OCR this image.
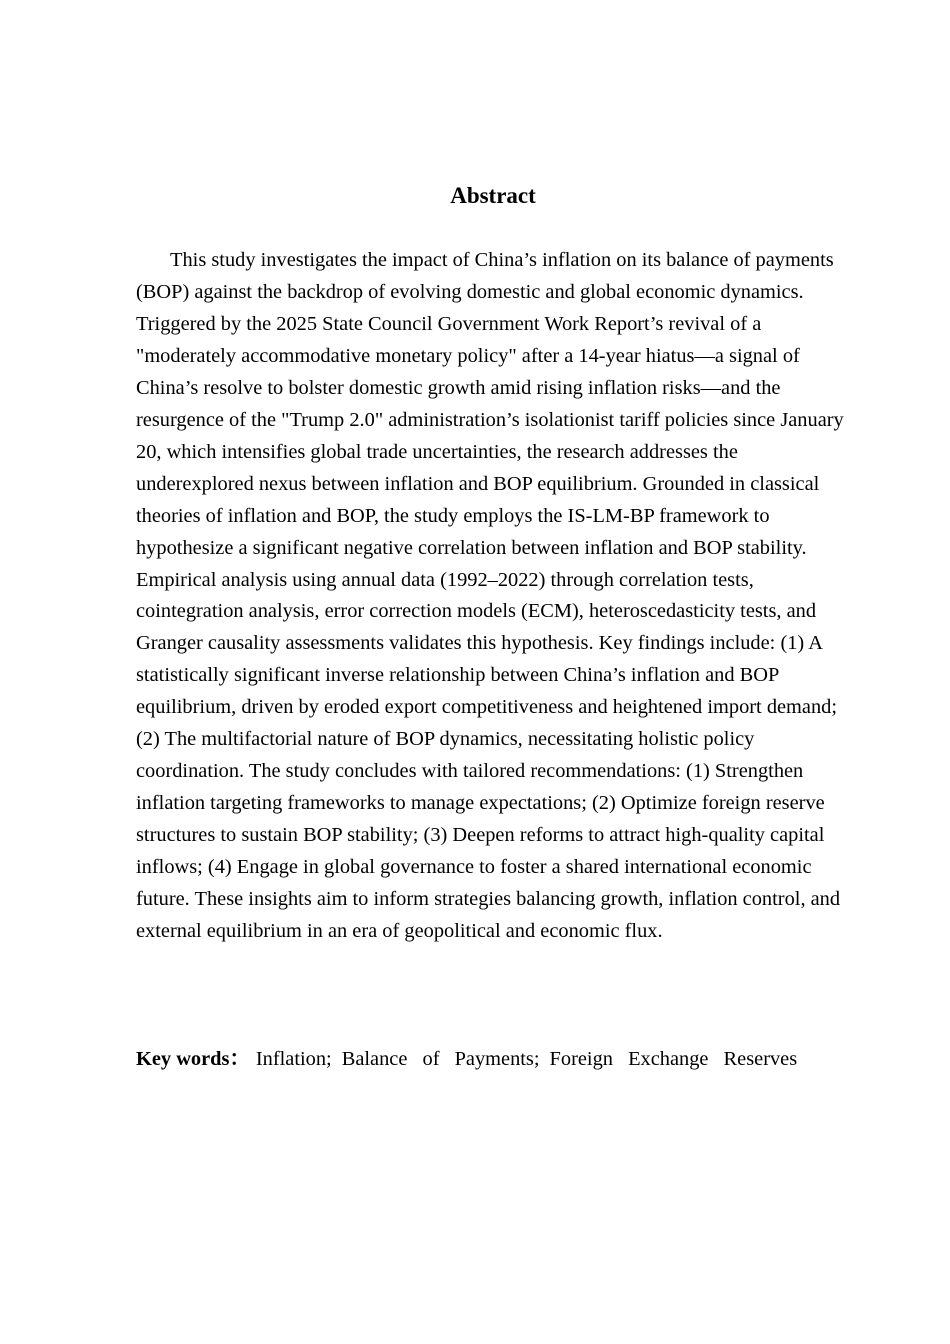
Abstract

This study investigates the impact of China’s inflation on its balance of payments (BOP) against the backdrop of evolving domestic and global economic dynamics. Triggered by the 2025 State Council Government Work Report’s revival of a "moderately accommodative monetary policy" after a 14-year hiatus—a signal of China’s resolve to bolster domestic growth amid rising inflation risks—and the resurgence of the "Trump 2.0" administration’s isolationist tariff policies since January 20, which intensifies global trade uncertainties, the research addresses the underexplored nexus between inflation and BOP equilibrium. Grounded in classical theories of inflation and BOP, the study employs the IS-LM-BP framework to hypothesize a significant negative correlation between inflation and BOP stability. Empirical analysis using annual data (1992–2022) through correlation tests, cointegration analysis, error correction models (ECM), heteroscedasticity tests, and Granger causality assessments validates this hypothesis. Key findings include: (1) A statistically significant inverse relationship between China’s inflation and BOP equilibrium, driven by eroded export competitiveness and heightened import demand; (2) The multifactorial nature of BOP dynamics, necessitating holistic policy coordination. The study concludes with tailored recommendations: (1) Strengthen inflation targeting frameworks to manage expectations; (2) Optimize foreign reserve structures to sustain BOP stability; (3) Deepen reforms to attract high-quality capital inflows; (4) Engage in global governance to foster a shared international economic future. These insights aim to inform strategies balancing growth, inflation control, and external equilibrium in an era of geopolitical and economic flux.

Key words： Inflation; Balance of Payments; Foreign Exchange Reserves
